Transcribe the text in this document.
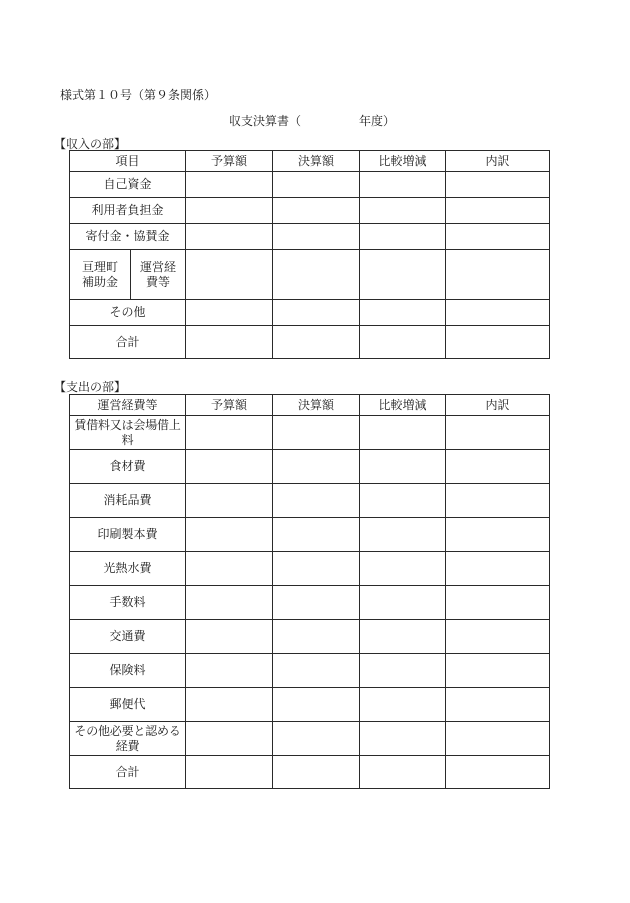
様式第１０号（第９条関係）
収支決算書（	年度）
【収入の部】
項目		予算額	決算額	比較増減	内訳
自己資金					
利用者負担金					
寄付金・協賛金					
亘理町補助金	運営経費等				
その他					
合計					
【支出の部】
運営経費等	予算額	決算額	比較増減	内訳
賃借料又は会場借上料				
食材費				
消耗品費				
印刷製本費				
光熱水費				
手数料				
交通費				
保険料				
郵便代				
その他必要と認める経費				
合計				
